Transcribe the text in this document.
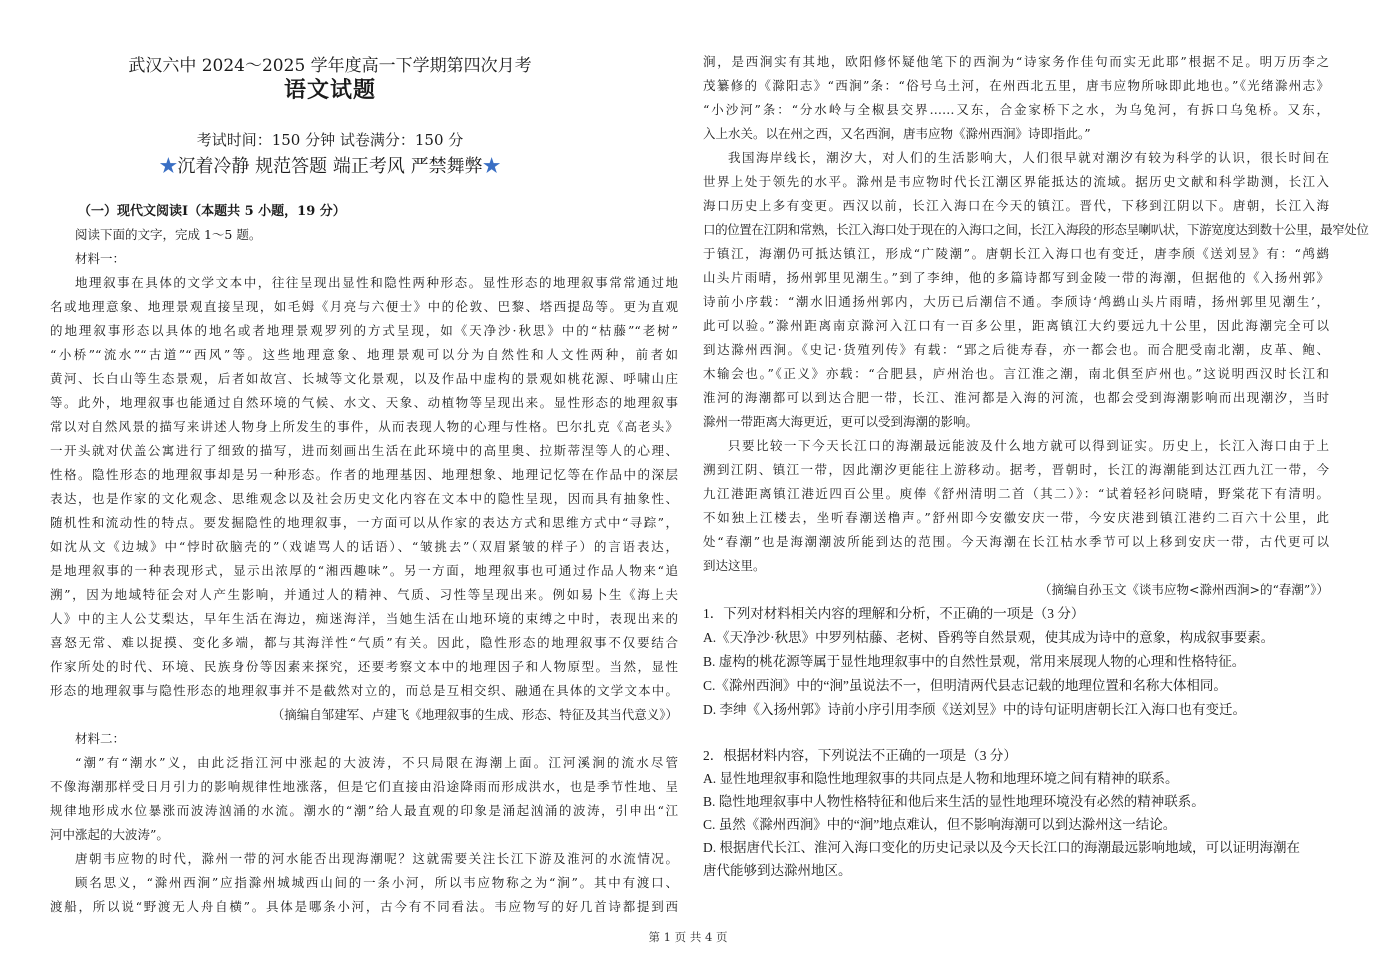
武汉六中 2024～2025 学年度高一下学期第四次月考
语文试题
考试时间：150 分钟 试卷满分：150 分
★沉着冷静 规范答题 端正考风 严禁舞弊★
（一）现代文阅读Ⅰ（本题共 5 小题，19 分）
阅读下面的文字，完成 1～5 题。
材料一：
地理叙事在具体的文学文本中，往往呈现出显性和隐性两种形态。显性形态的地理叙事常常通过地
名或地理意象、地理景观直接呈现，如毛姆《月亮与六便士》中的伦敦、巴黎、塔西提岛等。更为直观
的地理叙事形态以具体的地名或者地理景观罗列的方式呈现，如《天净沙·秋思》中的“枯藤”“老树”
“小桥”“流水”“古道”“西风”等。这些地理意象、地理景观可以分为自然性和人文性两种，前者如
黄河、长白山等生态景观，后者如故宫、长城等文化景观，以及作品中虚构的景观如桃花源、呼啸山庄
等。此外，地理叙事也能通过自然环境的气候、水文、天象、动植物等呈现出来。显性形态的地理叙事
常以对自然风景的描写来讲述人物身上所发生的事件，从而表现人物的心理与性格。巴尔扎克《高老头》
一开头就对伏盖公寓进行了细致的描写，进而刻画出生活在此环境中的高里奥、拉斯蒂涅等人的心理、
性格。隐性形态的地理叙事却是另一种形态。作者的地理基因、地理想象、地理记忆等在作品中的深层
表达，也是作家的文化观念、思维观念以及社会历史文化内容在文本中的隐性呈现，因而具有抽象性、
随机性和流动性的特点。要发掘隐性的地理叙事，一方面可以从作家的表达方式和思维方式中“寻踪”，
如沈从文《边城》中“悖时砍脑壳的”（戏谑骂人的话语）、“皱挑去”（双眉紧皱的样子）的言语表达，
是地理叙事的一种表现形式，显示出浓厚的“湘西趣味”。另一方面，地理叙事也可通过作品人物来“追
溯”，因为地域特征会对人产生影响，并通过人的精神、气质、习性等呈现出来。例如易卜生《海上夫
人》中的主人公艾梨达，早年生活在海边，痴迷海洋，当她生活在山地环境的束缚之中时，表现出来的
喜怒无常、难以捉摸、变化多端，都与其海洋性“气质”有关。因此，隐性形态的地理叙事不仅要结合
作家所处的时代、环境、民族身份等因素来探究，还要考察文本中的地理因子和人物原型。当然，显性
形态的地理叙事与隐性形态的地理叙事并不是截然对立的，而总是互相交织、融通在具体的文学文本中。
（摘编自邹建军、卢建飞《地理叙事的生成、形态、特征及其当代意义》）
材料二：
“潮”有“潮水”义，由此泛指江河中涨起的大波涛，不只局限在海潮上面。江河溪涧的流水尽管
不像海潮那样受日月引力的影响规律性地涨落，但是它们直接由沿途降雨而形成洪水，也是季节性地、呈
规律地形成水位暴涨而波涛汹涌的水流。潮水的“潮”给人最直观的印象是涌起汹涌的波涛，引申出“江
河中涨起的大波涛”。
唐朝韦应物的时代，滁州一带的河水能否出现海潮呢？这就需要关注长江下游及淮河的水流情况。
顾名思义，“滁州西涧”应指滁州城城西山间的一条小河，所以韦应物称之为“涧”。其中有渡口、
渡船，所以说“野渡无人舟自横”。具体是哪条小河，古今有不同看法。韦应物写的好几首诗都提到西
涧，是西涧实有其地，欧阳修怀疑他笔下的西涧为“诗家务作佳句而实无此耶”根据不足。明万历李之
茂纂修的《滁阳志》“西涧”条：“俗号乌土河，在州西北五里，唐韦应物所咏即此地也。”《光绪滁州志》
“小沙河”条：“分水岭与全椒县交界……又东，合金家桥下之水，为乌兔河，有拆口乌兔桥。又东，
入上水关。以在州之西，又名西涧，唐韦应物《滁州西涧》诗即指此。”
我国海岸线长，潮汐大，对人们的生活影响大，人们很早就对潮汐有较为科学的认识，很长时间在
世界上处于领先的水平。滁州是韦应物时代长江潮区界能抵达的流域。据历史文献和科学勘测，长江入
海口历史上多有变更。西汉以前，长江入海口在今天的镇江。晋代，下移到江阴以下。唐朝，长江入海
口的位置在江阴和常熟，长江入海口处于现在的入海口之间，长江入海段的形态呈喇叭状，下游宽度达到数十公里，最窄处位
于镇江，海潮仍可抵达镇江，形成“广陵潮”。唐朝长江入海口也有变迁，唐李颀《送刘昱》有：“鸬鹚
山头片雨晴，扬州郭里见潮生。”到了李绅，他的多篇诗都写到金陵一带的海潮，但据他的《入扬州郭》
诗前小序载：“潮水旧通扬州郭内，大历已后潮信不通。李颀诗‘鸬鹚山头片雨晴，扬州郭里见潮生’，
此可以验。”滁州距离南京滁河入江口有一百多公里，距离镇江大约要远九十公里，因此海潮完全可以
到达滁州西涧。《史记·货殖列传》有载：“郢之后徙寿春，亦一都会也。而合肥受南北潮，皮革、鲍、
木输会也。”《正义》亦载：“合肥县，庐州治也。言江淮之潮，南北俱至庐州也。”这说明西汉时长江和
淮河的海潮都可以到达合肥一带，长江、淮河都是入海的河流，也都会受到海潮影响而出现潮汐，当时
滁州一带距离大海更近，更可以受到海潮的影响。
只要比较一下今天长江口的海潮最远能波及什么地方就可以得到证实。历史上，长江入海口由于上
溯到江阴、镇江一带，因此潮汐更能往上游移动。据考，晋朝时，长江的海潮能到达江西九江一带，今
九江港距离镇江港近四百公里。庾俸《舒州清明二首（其二）》：“试着轻衫问晓晴，野棠花下有清明。
不如独上江楼去，坐听春潮送橹声。”舒州即今安徽安庆一带，今安庆港到镇江港约二百六十公里，此
处“春潮”也是海潮潮波所能到达的范围。今天海潮在长江枯水季节可以上移到安庆一带，古代更可以
到达这里。
（摘编自孙玉文《谈韦应物<滁州西涧>的“春潮”》）
1．下列对材料相关内容的理解和分析，不正确的一项是（3 分）
A.《天净沙·秋思》中罗列枯藤、老树、昏鸦等自然景观，使其成为诗中的意象，构成叙事要素。
B. 虚构的桃花源等属于显性地理叙事中的自然性景观，常用来展现人物的心理和性格特征。
C.《滁州西涧》中的“涧”虽说法不一，但明清两代县志记载的地理位置和名称大体相同。
D. 李绅《入扬州郭》诗前小序引用李颀《送刘昱》中的诗句证明唐朝长江入海口也有变迁。
2．根据材料内容，下列说法不正确的一项是（3 分）
A. 显性地理叙事和隐性地理叙事的共同点是人物和地理环境之间有精神的联系。
B. 隐性地理叙事中人物性格特征和他后来生活的显性地理环境没有必然的精神联系。
C. 虽然《滁州西涧》中的“涧”地点难认，但不影响海潮可以到达滁州这一结论。
D. 根据唐代长江、淮河入海口变化的历史记录以及今天长江口的海潮最远影响地域，可以证明海潮在
唐代能够到达滁州地区。
第 1 页 共 4 页
